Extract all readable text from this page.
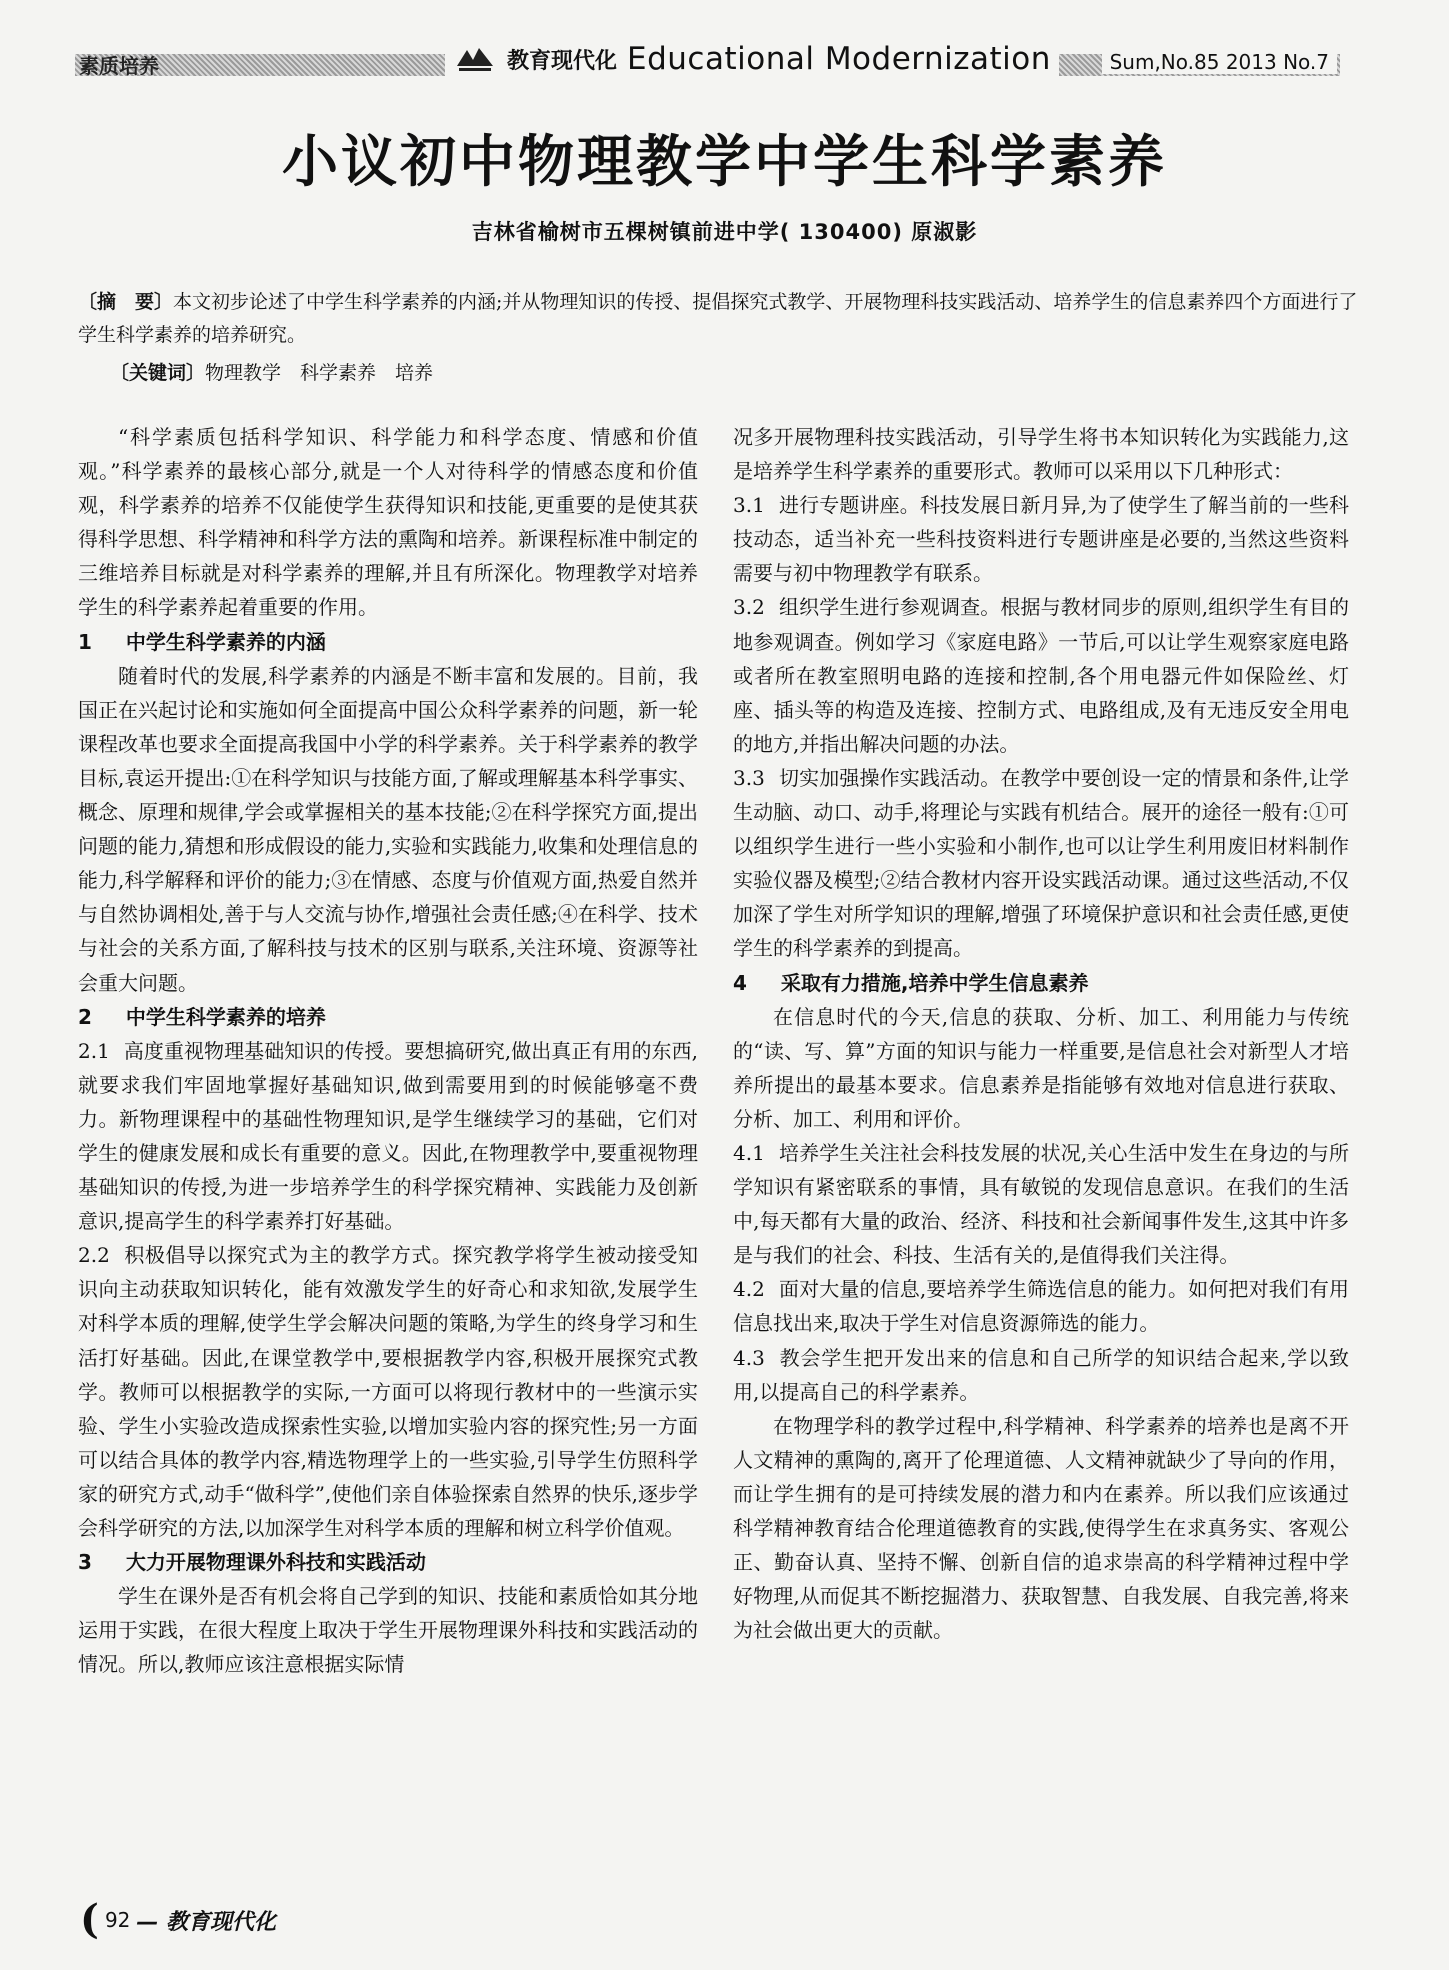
素质培养	教育现代化 Educational Modernization	Sum,No.85 2013 No.7
小议初中物理教学中学生科学素养
吉林省榆树市五棵树镇前进中学( 130400) 原淑影
〔摘　要〕本文初步论述了中学生科学素养的内涵;并从物理知识的传授、提倡探究式教学、开展物理科技实践活动、培养学生的信息素养四个方面进行了学生科学素养的培养研究。
〔关键词〕物理教学　科学素养　培养

“科学素质包括科学知识、科学能力和科学态度、情感和价值观。”科学素养的最核心部分,就是一个人对待科学的情感态度和价值观，科学素养的培养不仅能使学生获得知识和技能,更重要的是使其获得科学思想、科学精神和科学方法的熏陶和培养。新课程标准中制定的三维培养目标就是对科学素养的理解,并且有所深化。物理教学对培养学生的科学素养起着重要的作用。

1 中学生科学素养的内涵

随着时代的发展,科学素养的内涵是不断丰富和发展的。目前，我国正在兴起讨论和实施如何全面提高中国公众科学素养的问题，新一轮课程改革也要求全面提高我国中小学的科学素养。关于科学素养的教学目标,袁运开提出:①在科学知识与技能方面,了解或理解基本科学事实、概念、原理和规律,学会或掌握相关的基本技能;②在科学探究方面,提出问题的能力,猜想和形成假设的能力,实验和实践能力,收集和处理信息的能力,科学解释和评价的能力;③在情感、态度与价值观方面,热爱自然并与自然协调相处,善于与人交流与协作,增强社会责任感;④在科学、技术与社会的关系方面,了解科技与技术的区别与联系,关注环境、资源等社会重大问题。

2 中学生科学素养的培养

2.1 高度重视物理基础知识的传授。要想搞研究,做出真正有用的东西,就要求我们牢固地掌握好基础知识,做到需要用到的时候能够毫不费力。新物理课程中的基础性物理知识,是学生继续学习的基础，它们对学生的健康发展和成长有重要的意义。因此,在物理教学中,要重视物理基础知识的传授,为进一步培养学生的科学探究精神、实践能力及创新意识,提高学生的科学素养打好基础。

2.2 积极倡导以探究式为主的教学方式。探究教学将学生被动接受知识向主动获取知识转化，能有效激发学生的好奇心和求知欲,发展学生对科学本质的理解,使学生学会解决问题的策略,为学生的终身学习和生活打好基础。因此,在课堂教学中,要根据教学内容,积极开展探究式教学。教师可以根据教学的实际,一方面可以将现行教材中的一些演示实验、学生小实验改造成探索性实验,以增加实验内容的探究性;另一方面可以结合具体的教学内容,精选物理学上的一些实验,引导学生仿照科学家的研究方式,动手“做科学”,使他们亲自体验探索自然界的快乐,逐步学会科学研究的方法,以加深学生对科学本质的理解和树立科学价值观。

3 大力开展物理课外科技和实践活动

学生在课外是否有机会将自己学到的知识、技能和素质恰如其分地运用于实践，在很大程度上取决于学生开展物理课外科技和实践活动的情况。所以,教师应该注意根据实际情

况多开展物理科技实践活动，引导学生将书本知识转化为实践能力,这是培养学生科学素养的重要形式。教师可以采用以下几种形式：

3.1 进行专题讲座。科技发展日新月异,为了使学生了解当前的一些科技动态，适当补充一些科技资料进行专题讲座是必要的,当然这些资料需要与初中物理教学有联系。

3.2 组织学生进行参观调查。根据与教材同步的原则,组织学生有目的地参观调查。例如学习《家庭电路》一节后,可以让学生观察家庭电路或者所在教室照明电路的连接和控制,各个用电器元件如保险丝、灯座、插头等的构造及连接、控制方式、电路组成,及有无违反安全用电的地方,并指出解决问题的办法。

3.3 切实加强操作实践活动。在教学中要创设一定的情景和条件,让学生动脑、动口、动手,将理论与实践有机结合。展开的途径一般有:①可以组织学生进行一些小实验和小制作,也可以让学生利用废旧材料制作实验仪器及模型;②结合教材内容开设实践活动课。通过这些活动,不仅加深了学生对所学知识的理解,增强了环境保护意识和社会责任感,更使学生的科学素养的到提高。

4 采取有力措施,培养中学生信息素养

在信息时代的今天,信息的获取、分析、加工、利用能力与传统的“读、写、算”方面的知识与能力一样重要,是信息社会对新型人才培养所提出的最基本要求。信息素养是指能够有效地对信息进行获取、分析、加工、利用和评价。

4.1 培养学生关注社会科技发展的状况,关心生活中发生在身边的与所学知识有紧密联系的事情，具有敏锐的发现信息意识。在我们的生活中,每天都有大量的政治、经济、科技和社会新闻事件发生,这其中许多是与我们的社会、科技、生活有关的,是值得我们关注得。

4.2 面对大量的信息,要培养学生筛选信息的能力。如何把对我们有用信息找出来,取决于学生对信息资源筛选的能力。

4.3 教会学生把开发出来的信息和自己所学的知识结合起来,学以致用,以提高自己的科学素养。

在物理学科的教学过程中,科学精神、科学素养的培养也是离不开人文精神的熏陶的,离开了伦理道德、人文精神就缺少了导向的作用，而让学生拥有的是可持续发展的潜力和内在素养。所以我们应该通过科学精神教育结合伦理道德教育的实践,使得学生在求真务实、客观公正、勤奋认真、坚持不懈、创新自信的追求崇高的科学精神过程中学好物理,从而促其不断挖掘潜力、获取智慧、自我发展、自我完善,将来为社会做出更大的贡献。

( 92 — 教育现代化
